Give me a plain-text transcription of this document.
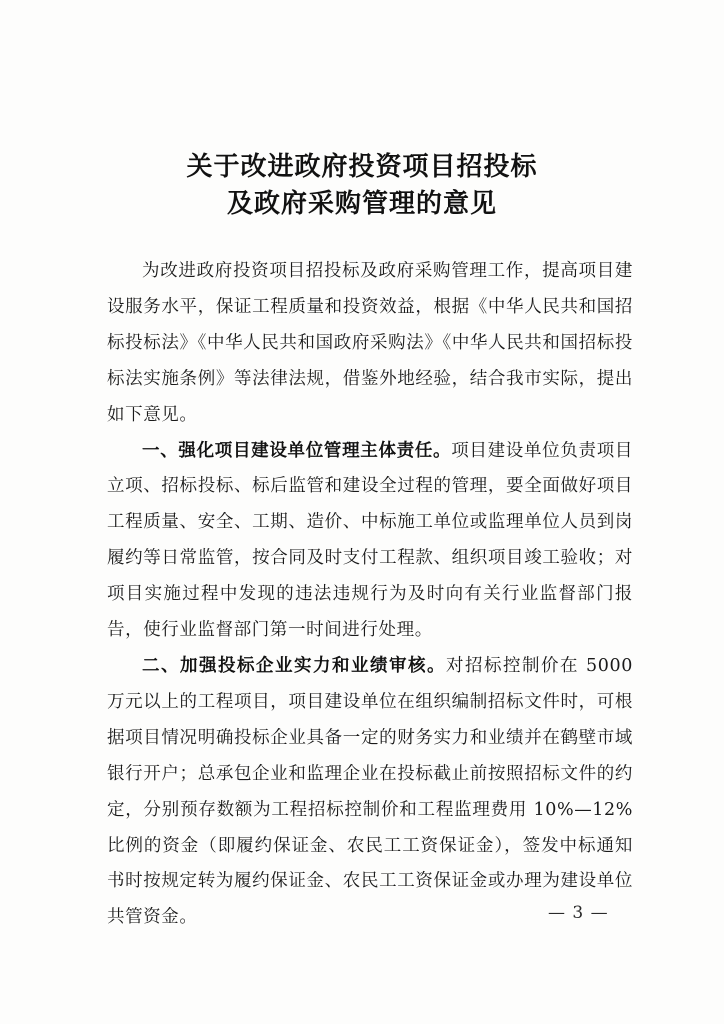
关于改进政府投资项目招投标
及政府采购管理的意见

为改进政府投资项目招投标及政府采购管理工作，提高项目建设服务水平，保证工程质量和投资效益，根据《中华人民共和国招标投标法》《中华人民共和国政府采购法》《中华人民共和国招标投标法实施条例》等法律法规，借鉴外地经验，结合我市实际，提出如下意见。

一、强化项目建设单位管理主体责任。项目建设单位负责项目立项、招标投标、标后监管和建设全过程的管理，要全面做好项目工程质量、安全、工期、造价、中标施工单位或监理单位人员到岗履约等日常监管，按合同及时支付工程款、组织项目竣工验收；对项目实施过程中发现的违法违规行为及时向有关行业监督部门报告，使行业监督部门第一时间进行处理。

二、加强投标企业实力和业绩审核。对招标控制价在 5000 万元以上的工程项目，项目建设单位在组织编制招标文件时，可根据项目情况明确投标企业具备一定的财务实力和业绩并在鹤壁市域银行开户；总承包企业和监理企业在投标截止前按照招标文件的约定，分别预存数额为工程招标控制价和工程监理费用 10%—12%比例的资金（即履约保证金、农民工工资保证金），签发中标通知书时按规定转为履约保证金、农民工工资保证金或办理为建设单位共管资金。	— 3 —
